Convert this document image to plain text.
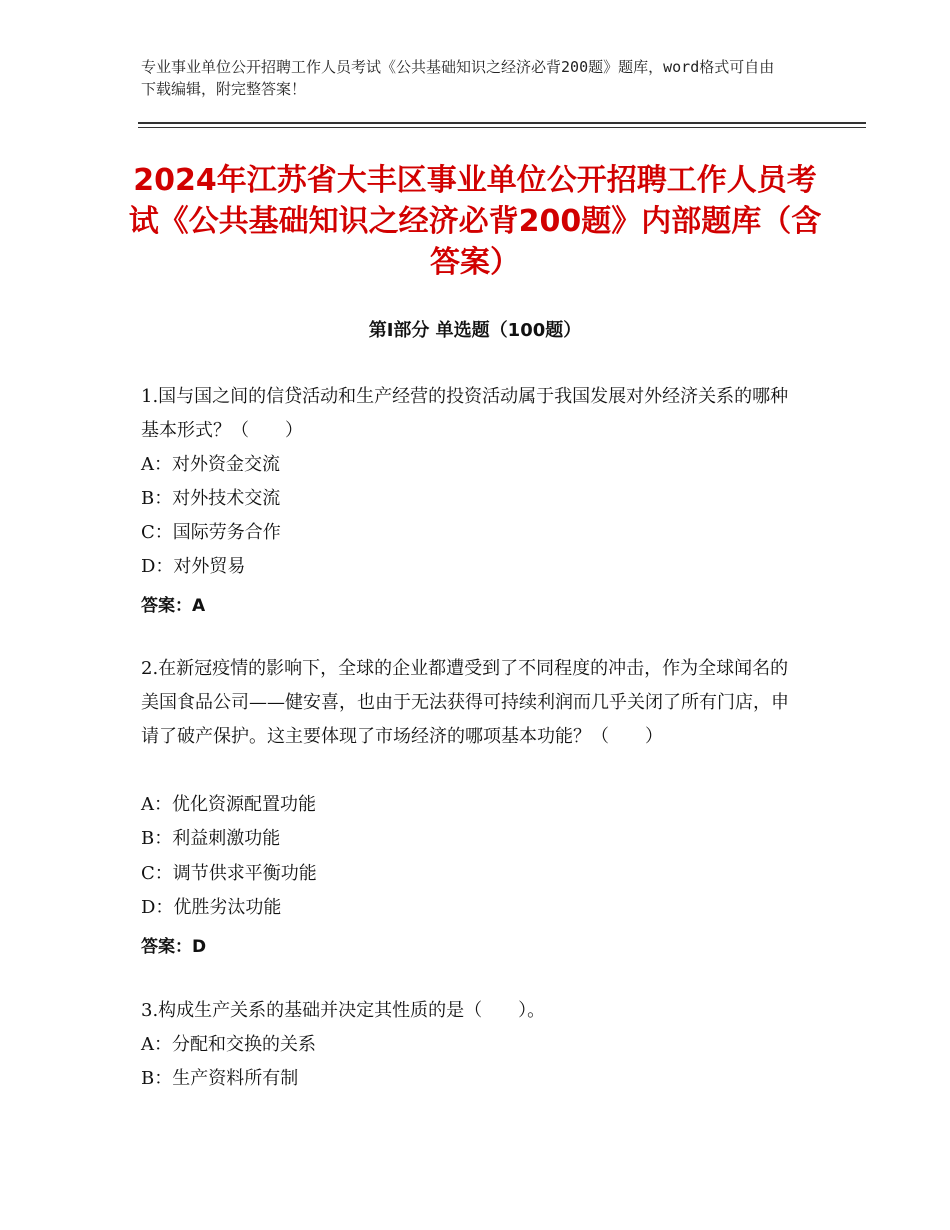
专业事业单位公开招聘工作人员考试《公共基础知识之经济必背200题》题库，word格式可自由下载编辑，附完整答案！
2024年江苏省大丰区事业单位公开招聘工作人员考试《公共基础知识之经济必背200题》内部题库（含答案）
第Ⅰ部分 单选题（100题）
1.国与国之间的信贷活动和生产经营的投资活动属于我国发展对外经济关系的哪种基本形式？（　　）
A：对外资金交流
B：对外技术交流
C：国际劳务合作
D：对外贸易
答案：A
2.在新冠疫情的影响下，全球的企业都遭受到了不同程度的冲击，作为全球闻名的美国食品公司——健安喜，也由于无法获得可持续利润而几乎关闭了所有门店，申请了破产保护。这主要体现了市场经济的哪项基本功能？（　　）
A：优化资源配置功能
B：利益刺激功能
C：调节供求平衡功能
D：优胜劣汰功能
答案：D
3.构成生产关系的基础并决定其性质的是（　　）。
A：分配和交换的关系
B：生产资料所有制
